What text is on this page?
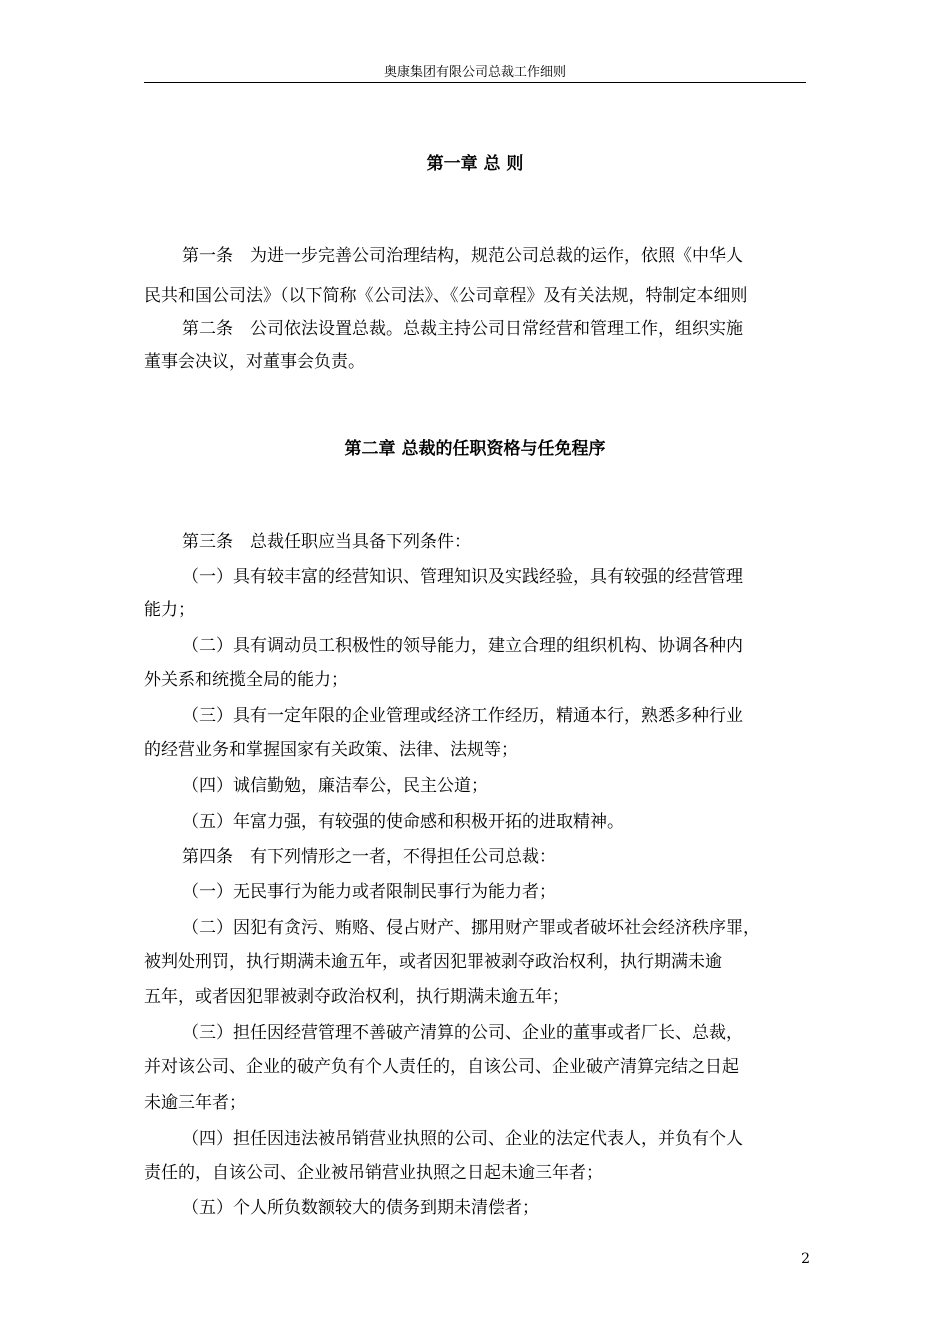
奥康集团有限公司总裁工作细则
第一章 总 则
第一条　为进一步完善公司治理结构，规范公司总裁的运作，依照《中华人
民共和国公司法》（以下简称《公司法》、《公司章程》及有关法规，特制定本细则
第二条　公司依法设置总裁。总裁主持公司日常经营和管理工作，组织实施
董事会决议，对董事会负责。
第二章 总裁的任职资格与任免程序
第三条　总裁任职应当具备下列条件：
（一）具有较丰富的经营知识、管理知识及实践经验，具有较强的经营管理
能力；
（二）具有调动员工积极性的领导能力，建立合理的组织机构、协调各种内
外关系和统揽全局的能力；
（三）具有一定年限的企业管理或经济工作经历，精通本行，熟悉多种行业
的经营业务和掌握国家有关政策、法律、法规等；
（四）诚信勤勉，廉洁奉公，民主公道；
（五）年富力强，有较强的使命感和积极开拓的进取精神。
第四条　有下列情形之一者，不得担任公司总裁：
（一）无民事行为能力或者限制民事行为能力者；
（二）因犯有贪污、贿赂、侵占财产、挪用财产罪或者破坏社会经济秩序罪，
被判处刑罚，执行期满未逾五年，或者因犯罪被剥夺政治权利，执行期满未逾
五年，或者因犯罪被剥夺政治权利，执行期满未逾五年；
（三）担任因经营管理不善破产清算的公司、企业的董事或者厂长、总裁，
并对该公司、企业的破产负有个人责任的，自该公司、企业破产清算完结之日起
未逾三年者；
（四）担任因违法被吊销营业执照的公司、企业的法定代表人，并负有个人
责任的，自该公司、企业被吊销营业执照之日起未逾三年者；
（五）个人所负数额较大的债务到期未清偿者；
2
